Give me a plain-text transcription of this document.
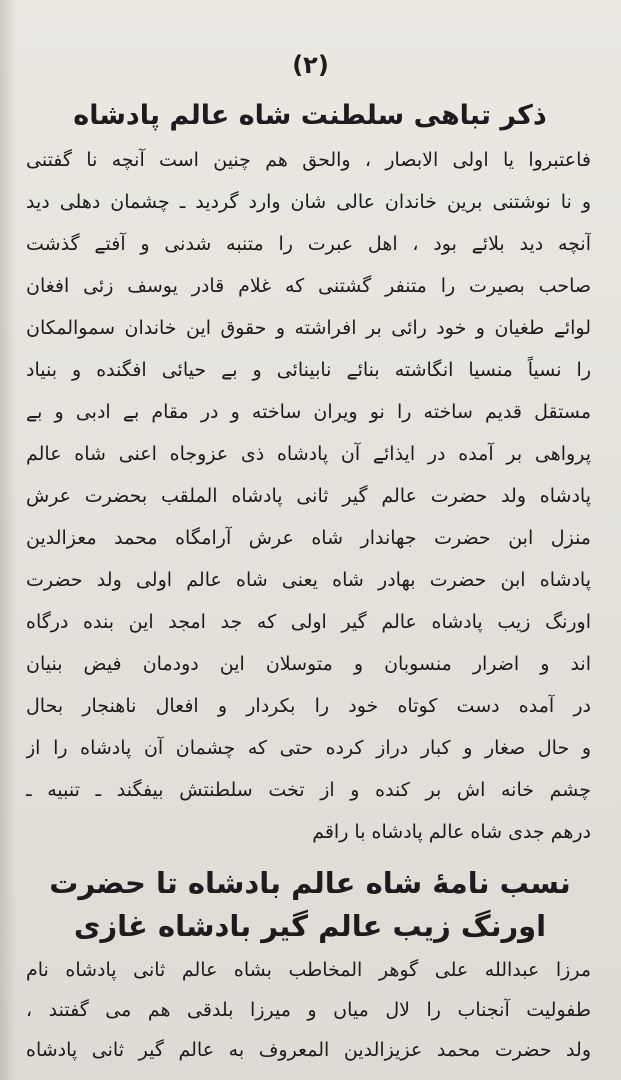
(۲)
ذکر تباهی سلطنت شاه عالم پادشاه
فاعتبروا یا اولی الابصار ، والحق هم چنین است آنچه نا گفتنی
و نا نوشتنی برین خاندان عالی شان وارد گردید ـ چشمان دهلی دید
آنچه دید بلائے بود ، اهل عبرت را متنبه شدنی و آفتے گذشت
صاحب بصیرت را متنفر گشتنی که غلام قادر یوسف زئی افغان
لوائے طغیان و خود رائی بر افراشته و حقوق این خاندان سموالمکان
را نسیاً منسیا انگاشته بنائے نابینائی و بے حیائی افگنده و بنیاد
مستقل قدیم ساخته را نو ویران ساخته و در مقام بے ادبی و بے
پرواهی بر آمده در ایذائے آن پادشاه ذی عزوجاه اعنی شاه عالم
پادشاه ولد حضرت عالم گیر ثانی پادشاه الملقب بحضرت عرش
منزل ابن حضرت جهاندار شاه عرش آرامگاه محمد معزالدین
پادشاه ابن حضرت بهادر شاه یعنی شاه عالم اولی ولد حضرت
اورنگ زیب پادشاه عالم گیر اولی که جد امجد این بنده درگاه
اند و اضرار منسوبان و متوسلان این دودمان فیض بنیان
در آمده دست کوتاه خود را بکردار و افعال ناهنجار بحال
و حال صغار و کبار دراز کرده حتی که چشمان آن پادشاه را از
چشم خانه اش بر کنده و از تخت سلطنتش بیفگند ـ تنبیه ـ
درهم جدی شاه عالم پادشاه با راقم
نسب نامهٔ شاه عالم بادشاه تا حضرت
اورنگ زیب عالم گیر بادشاه غازی
مرزا عبدالله علی گوهر المخاطب بشاه عالم ثانی پادشاه نام
طفولیت آنجناب را لال میاں و میرزا بلدقی هم می گفتند ،
ولد حضرت محمد عزیزالدین المعروف به عالم گیر ثانی پادشاه
